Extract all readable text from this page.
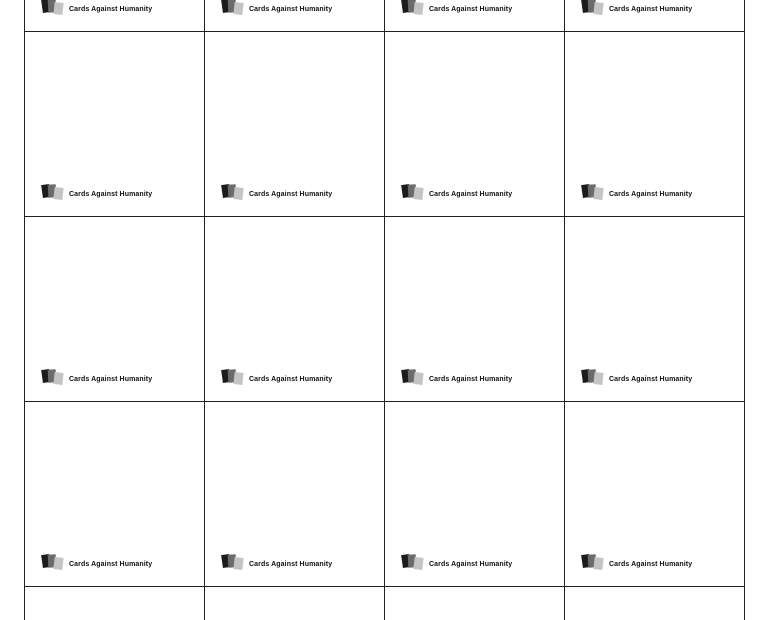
Cards Against Humanity	Cards Against Humanity	Cards Against Humanity	Cards Against Humanity
Cards Against Humanity	Cards Against Humanity	Cards Against Humanity	Cards Against Humanity
Cards Against Humanity	Cards Against Humanity	Cards Against Humanity	Cards Against Humanity
Cards Against Humanity	Cards Against Humanity	Cards Against Humanity	Cards Against Humanity
